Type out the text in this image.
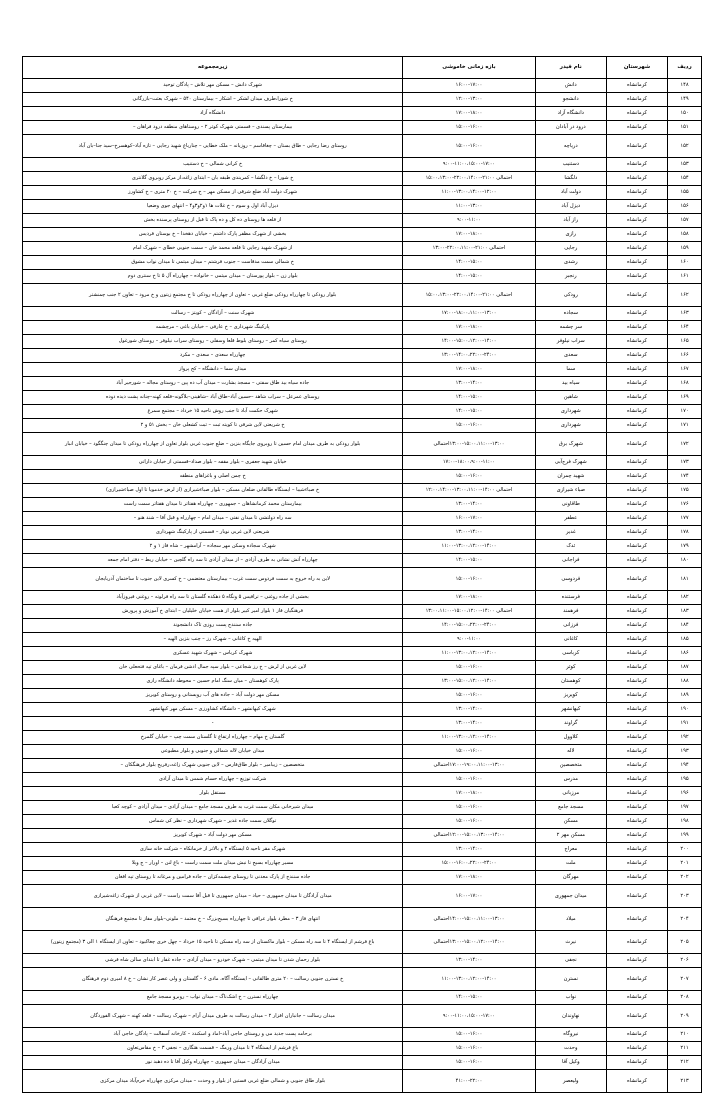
ردیف	شهرستان	نام فیدر	بازه زمانی خاموشی	زیرمجموعه
۱۴۸	کرمانشاه	دانش	۱۶:۰۰-۱۷:۰۰	شهرک دانش – مسکن مهر تلاش – پادگان توحید
۱۴۹	کرمانشاه	دانشجو	۱۲:۰۰-۱۳:۰۰	خ شورا،طرف میدان لشکر – اشکار – بیمارستان ۵۴۰ – شهرک بعثت–بازرگانی
۱۵۰	کرمانشاه	دانشگاه آزاد	۱۷:۰۰-۱۸:۰۰	دانشگاه آزاد
۱۵۱	کرمانشاه	درود در آبادان	۱۵:۰۰-۱۶:۰۰	بیمارستان پسندی – قسمتی شهرک کوثر ۲ – روستاهای منطقه درود فراهان –
۱۵۲	کرمانشاه	دریاچه	۱۵:۰۰-۱۶:۰۰	روستای رضا رجایی – طاق بستان – چغاقاسم – روزبانه – ملک خطایی – چنارباغ شهید رجایی – تازه آباد–کوهسرخ–سید جنا–بان آباد
۱۵۳	کرمانشاه	دستنیب	۹:۰۰-۱۱:۰۰،۱۵:۰۰-۱۷:۰۰	خ کرانی شمالی – خ دستنیب
۱۵۴	کرمانشاه	دلگشا	احتمالی ۲۱:۰۰-۲۲:۰۰،۱۴:۰۰-۱۵:۰۰،۱۳:۰۰	خ شورا – خ دلگشا – کمربندی طبقه بان – ابتدای زاغه،از مرکز روبروی گلانتری
۱۵۵	کرمانشاه	دولت آباد	۱۱:۰۰-۱۳:۰۰،۱۴:۰۰-۱۲:۰۰	شهرک دولت آباد ضلع شرقی از مسکن مهر – خ شرکت – خ ۲۰ متری – خ کشاورز
۱۵۶	کرمانشاه	دیزل آباد	۱۱:۰۰-۱۳:۰۰	دیزل آباد اول و سوم – خ غلات ها ۱و۲و۳و۴ – انتهای جوی وضعیا
۱۵۷	کرمانشاه	راز آباد	۹:۰۰-۱۱:۰۰	از قلعه ها روستای ده کل و ده پاک تا قبل از روستای پرسنده بخش
۱۵۸	کرمانشاه	رازی	۱۷:۰۰-۱۸:۰۰	بخشی از شهرک مظفر پارک داشتم – خیابان دهخدا – خ بوستان فردیس
۱۵۹	کرمانشاه	رجایی	احتمالی ۲۱:۰۰-۲۲:۰۰،۱۱:۰۰-۱۳:۰۰	از شهرک شهید رجایی تا قلعه محمد خان – سمت جنوبی خطای – شهرک امام
۱۶۰	کرمانشاه	رشدی	۱۴:۰۰-۱۵:۰۰	خ شمالی سمت مدقاست – جنوب فرشتم – میدان میثمی تا میدان نواب مشوق
۱۶۱	کرمانشاه	رنجبر	۱۴:۰۰-۱۵:۰۰	بلوار زن – بلوار پورستان – میدان میثمی – خانواده – چهارراه آل ۵ تا خ سنتری دوم
۱۶۲	کرمانشاه	رودکی	احتمالی ۲۱:۰۰-۲۲:۰۰،۱۴:۰۰-۱۵:۰۰،۱۳:۰۰	بلوار رودکی تا چهارراه رودکی ضلع غربی – تعاون از چهارراه رودکی تا خ مجتمع زیتون و خ مرود – تعاون ۲ جنب چمنشتر
۱۶۳	کرمانشاه	سجاده	۱۷:۰۰-۱۸:۰۰،۱۱:۰۰-۱۳:۰۰	شهرک سنت – آزادگان – کویتز – رسالت
۱۶۴	کرمانشاه	سر چشمه	۱۷:۰۰-۱۸:۰۰	پارکینگ شهرداری – خ عارفی – خیابان باغی – مرچشمه
۱۶۵	کرمانشاه	سراب نیلوفر	۱۴:۰۰-۱۵:۰۰،۱۲:۰۰-۱۴:۰۰	روستای سیاه کمر – روستای بلوط قلعا وسفلی – روستای سراب نیلوفر – روستای شورغول
۱۶۶	کرمانشاه	سعدی	۱۳:۰۰-۱۴:۰۰،۲۲:۰۰-۲۴:۰۰	چهارراه سعدی – سعدی – مکرد
۱۶۷	کرمانشاه	سما	۱۷:۰۰-۱۸:۰۰	میدان سما – دانشگاه – کج پرواز
۱۶۸	کرمانشاه	سیاه بید	۱۳:۰۰-۱۴:۰۰	جاده سیاه بید طاق سفتی – مسجد بشارت – میدان آب ده پین – روستای مجاله – شورجیر آباد
۱۶۹	کرمانشاه	شاهین	۱۴:۰۰-۱۵:۰۰	روستای عمرعل – سراب شاهد –حسین آباد–طاق آباد –شاهینی–بلاگونه–قلعه کهنه–چنانه پشت دیده دوده
۱۷۰	کرمانشاه	شهرداری	۱۴:۰۰-۱۵:۰۰	شهرک حکمت آباد تا جنب روش ناحیه ۱۵ خرداد – مجتمع سمرغ
۱۷۱	کرمانشاه	شهرداری	۱۵:۰۰-۱۶:۰۰	خ شریعتی لاین شرقی تا کویته ثبت – ثبت کشعلی خان – بخش ۵۱ و ۲
۱۷۲	کرمانشاه	شهرک برق	۱۳:۰۰-۱۵:۰۰،۱۱:۰۰-۱۳:۰۰احتمالی	بلوار رودکی به طرف میدان امام حسین تا روبروی جایگاه بنزین – ضلع جنوب غربی بلوار تعاون از چهارراه رودکی تا میدان چنگگود – خیابان انبار
۱۷۳	کرمانشاه	شهرک فرج‌آبی	۱۷:۰۰-۱۸:۰۰،۹:۰۰-۱۱:۰۰	خیابان شهید جعفری – بلوار مقفه – بلوار صداد–قسمتی از خیابان داراتی
۱۷۴	کرمانشاه	شهید چمران	۱۵:۰۰-۱۶:۰۰	خ چمن اصلی و باغزاهای منطقه
۱۷۵	کرمانشاه	صباء شیرازی	احتمالی ۱۴:۰۰-۱۳:۰۰،۱۱:۰۰-۱۲:۰۰،۱۴:۰۰	خ صباءشیبا – ایستگاه طالقانی ضلعان مسکن – بلوار صباءشیرازی (از لرض خدمویا تا اول صباءشیرازی)
۱۷۶	کرمانشاه	طاقاونی	۱۳:۰۰-۱۴:۰۰	بیمارستان محمد کرمانشاهان – جمهوری – چهارراه هفتاتر تا میدان هفتاتر سمت راست
۱۷۷	کرمانشاه	عطفر	۱۶:۰۰-۱۷:۰۰	سه راه دولتشی تا میدان نفتی – میدان امام – چهارراه و قبل آقا – شند هنو –
۱۷۸	کرمانشاه	غدیر	۱۳:۰۰-۱۴:۰۰	شریعتی لاین غربی نوبار – قسمتی از پارکینگ شهرداری
۱۷۹	کرمانشاه	ثدک	۱۱:۰۰-۱۳:۰۰،۱۲:۰۰-۱۴:۰۰	شهرک سجاده وسکن مهر سجاده – آرامشهر – شاه فاز ۱ و ۲
۱۸۰	کرمانشاه	فراجانی	۱۴:۰۰-۱۵:۰۰	چهارراه آتش نشانی به طرف آزادی – از میدان آزادی تا سه راه گلچین – خیابان ریط – دفتر امام جمعه
۱۸۱	کرمانشاه	فردوسی	۱۵:۰۰-۱۶:۰۰	لاین به راه خروج به سمت فردوس سمت غرب – بیمارستان معتضمی – خ کسری لاین جنوب تا ساختمان آذربایجان
۱۸۲	کرمانشاه	فرستنده	۱۷:۰۰-۱۸:۰۰	بخشی از جاده روغنی – ترافیس ۵ ونگاه ۵ دهکده گلستان تا سه راه فرلوته – روغنی فیروزآباد
۱۸۳	کرمانشاه	فرهمند	احتمالی ۱۴:۰۰-۱۵:۰۰،۱۲:۰۰-۱۳:۰۰،۱۱:۰۰	فرهنگیان فاز ۱ بلوار امیر کبیر بلوار از همت خیابان خلیلیان – ابتدای خ آموزش و پرورش
۱۸۴	کرمانشاه	فرزانی	۱۴:۰۰-۱۵:۰۰،۲۲:۰۰-۲۴:۰۰	جاده سنندج پست روزی تاک دانشجوند
۱۸۵	کرمانشاه	کاغانی	۹:۰۰-۱۱:۰۰	الهیه خ کاغانی – شهرک رز – چنب بتزین الهیه –
۱۸۶	کرمانشاه	کرباسی	۱۱:۰۰-۱۳:۰۰،۱۲:۰۰-۱۴:۰۰	شهرک کرباس – شهرک شهید عسکری
۱۸۷	کرمانشاه	کوثر	۱۵:۰۰-۱۶:۰۰	لاین غربی از لرش – خ رز شجاعی – بلوار سپه جمال ادشن فرمان – باغای تپه فتحعلی خان
۱۸۸	کرمانشاه	کوهستان	۱۳:۰۰-۱۵:۰۰،۱۲:۰۰-۱۴:۰۰	پارک کوهستان – میان سنگ امام حسین – محوطه دانشگاه رازی
۱۸۹	کرمانشاه	کویریز	۱۵:۰۰-۱۶:۰۰	مسکن مهر دولت آباد – جاده های آب رویستانی و روستای کویریز
۱۹۰	کرمانشاه	کیهانشهر	۱۳:۰۰-۱۴:۰۰	شهرک کیهانشهر – دانشگاه کشاورزی – مسکن مهر کیهانشهر
۱۹۱	کرمانشاه	گراوند	۱۳:۰۰-۱۴:۰۰	-
۱۹۲	کرمانشاه	کلاوول	۱۱:۰۰-۱۳:۰۰،۱۲:۰۰-۱۴:۰۰	گلستان خ مهام – چهارراه ارتفاع تا گلستان سمت چپ – خیابان گلمرخ
۱۹۳	کرمانشاه	لاله	۱۵:۰۰-۱۶:۰۰	میدان خیابان لاله شمالی و جنوبی و بلوار مطبوعی
۱۹۴	کرمانشاه	متخصصین	۱۷:۰۰-۱۹:۰۰،۱۱:۰۰-۱۳:۰۰احتمالی	متخصصین – زیبامیر – بلوار طاق‌فارس – لاین جنوبی شهرک زاغه،رفریج بلوار فرهنگکان –
۱۹۵	کرمانشاه	مدرس	۱۵:۰۰-۱۶:۰۰	شرکت توزیع – چهارراه حسام شمس تا میدان آزادی
۱۹۶	کرمانشاه	مرزبانی	۱۷:۰۰-۱۸:۰۰	مستقل بلوار
۱۹۷	کرمانشاه	مسجد جامع	۱۵:۰۰-۱۶:۰۰	میدان شیرخانی مکان سمت غرب به طرف مسجد جامع – میدان آزادی – میدان آزادی – کوچه کعبا
۱۹۸	کرمانشاه	مسکن	۱۵:۰۰-۱۶:۰۰	توگلان سمت جاده غدیر – شهرک شهرداری – نظر کی شماس
۱۹۹	کرمانشاه	مسکن مهر ۲	۱۲:۰۰-۱۵:۰۰،۱۳:۰۰-۱۴:۰۰احتمالی	مسکن مهر دولت آباد – شهرک کویریز
۲۰۰	کرمانشاه	معراج	۱۳:۰۰-۱۴:۰۰	شهرک مقر ناحیه ۵ ایستگاه ۲ و بالاتر از خرمانکاه – شرکت خانه سازی
۲۰۱	کرمانشاه	ملت	۱۵:۰۰-۱۶:۰۰،۲۲:۰۰-۲۴:۰۰	مسیر چهارراه بسیج تا نبش میدان ملت سمت راست – باغ لنن – اورار – ج ویلا
۲۰۲	کرمانشاه	مهرگان	۱۷:۰۰-۱۸:۰۰	جاده سنندج از پارک معدنی تا روستای چشمه‌کزان – جاده فرامین و مرغانه تا روستای تپه افغان
۲۰۳	کرمانشاه	میدان جمهوری	۱۶:۰۰-۱۷:۰۰	میدان آزادگان تا میدان جمهوری – حیاد – میدان جمهوری تا قبل آقا سمت راست – لاین غربی از شهرک زاغه‌شیرازی
۲۰۴	کرمانشاه	میلاد	۱۴:۰۰-۱۵:۰۰،۱۱:۰۰-۱۳:۰۰احتمالی	انتهای فاز ۳ – مطرد بلوار عراقی تا چهارراه بسیج‌بزرگ – خ معتمد – ملونی–بلوار مفاز تا مجتمع فرهنگان
۲۰۵	کرمانشاه	نیرث	۱۳:۰۰-۱۵:۰۰،۱۲:۰۰-۱۴:۰۰احتمالی	باغ فرشم از ایستگاه ۴ تا سه راه مسکن – بلوار ماکستان از سه راه مسکن تا ناحیه ۱۵ خرداد – چهل خری چغاکبود – تعاون از ایستگاه ۱ الی ۳ (مجتمع زیتون)
۲۰۶	کرمانشاه	نجفی	۱۳:۰۰-۱۴:۰۰	بلوار رحمان شدن تا میدان میثمی – شهرک خودرو – میدان آزادی – جاده غفار تا ابتدای سالن شاه فرشی
۲۰۷	کرمانشاه	نسترن	۱۱:۰۰-۱۳:۰۰،۱۲:۰۰-۱۴:۰۰	خ نسترن جنوبی رسالت – ۲۰ متری طالقانی – ایستگاه آگاه، مادی ۶ – گلستان و ولی عصر کار نشان – خ ۸ امیری دوم فرهنگان
۲۰۸	کرمانشاه	نواب	۱۴:۰۰-۱۵:۰۰	چهارراه نسترن – خ اشک‌ناگ – میدان نواب – روبرو مسجد جامع
۲۰۹	کرمانشاه	نهاوندان	۹:۰۰-۱۱:۰۰،۱۵:۰۰-۱۷:۰۰	میدان رسالت – جانباران افزار ۲ – میدان رسالت به طرف میدان آرام – شهرک رسالت – قلعه کهنه – شهرک الفوردگان
۲۱۰	کرمانشاه	نیروگاه	۱۵:۰۰-۱۶:۰۰	برحامه پست جدید می و روستای حاجی آباد–اماد و اسکندد – کارخانه آسفالت – پادگان خاجی آباد
۲۱۱	کرمانشاه	وحدت	۱۵:۰۰-۱۶:۰۰	باغ فرشم از ایستگاه ۴ تا میدان ورمگ – قسمت هتگاری – نجفی ۳ – خ مقاس‌تعاون
۲۱۲	کرمانشاه	وکیل آقا	۱۵:۰۰-۱۶:۰۰	میدان آزادگان – میدان جمهوری – چهارراه وکیل آقا تا ده دهبد نور
۲۱۳	کرمانشاه	ولیعصر	۴۱:۰۰-۲۲:۰۰	بلوار طاق جنوبی و شمالی ضلع غربی فستین از بلوار و وحدت – میدان مرکزی چهارراه خرم‌آباد میدان مرکزی
